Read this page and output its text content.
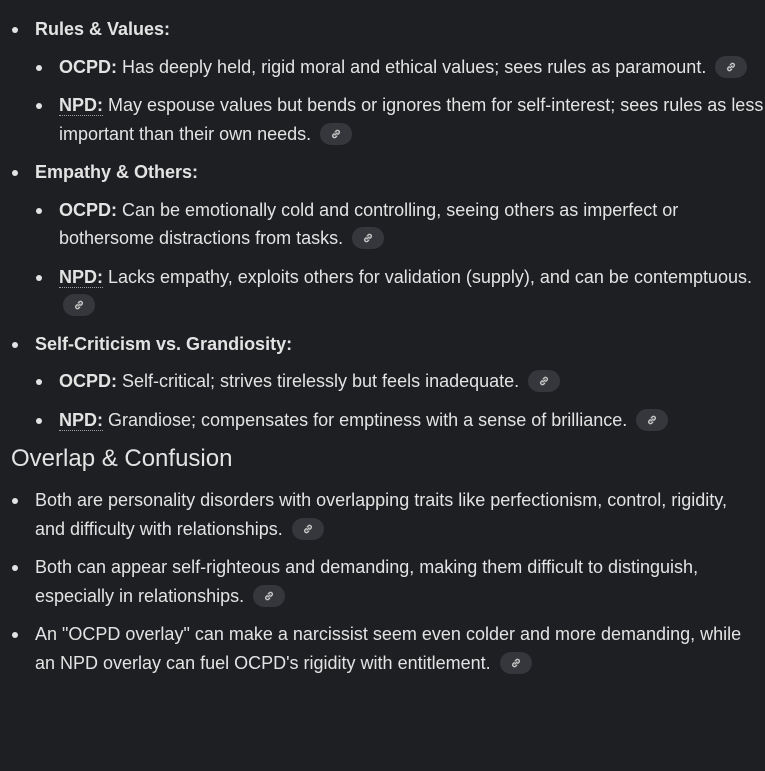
Rules & Values:
OCPD: Has deeply held, rigid moral and ethical values; sees rules as paramount.
NPD: May espouse values but bends or ignores them for self-interest; sees rules as less important than their own needs.
Empathy & Others:
OCPD: Can be emotionally cold and controlling, seeing others as imperfect or bothersome distractions from tasks.
NPD: Lacks empathy, exploits others for validation (supply), and can be contemptuous.
Self-Criticism vs. Grandiosity:
OCPD: Self-critical; strives tirelessly but feels inadequate.
NPD: Grandiose; compensates for emptiness with a sense of brilliance.
Overlap & Confusion
Both are personality disorders with overlapping traits like perfectionism, control, rigidity, and difficulty with relationships.
Both can appear self-righteous and demanding, making them difficult to distinguish, especially in relationships.
An "OCPD overlay" can make a narcissist seem even colder and more demanding, while an NPD overlay can fuel OCPD's rigidity with entitlement.
